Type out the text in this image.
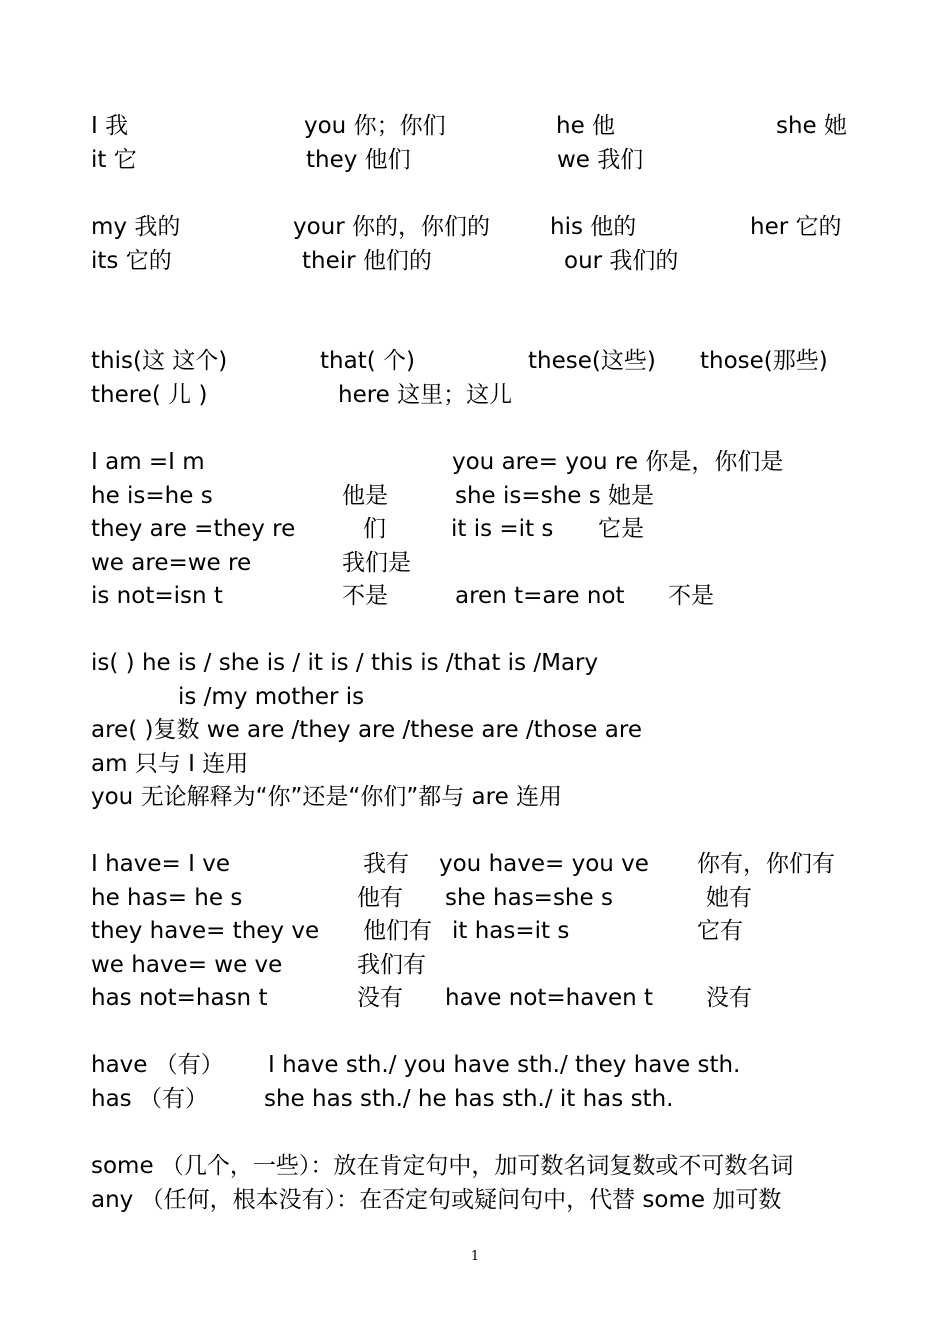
I 我	you 你；你们	he 他	she 她
it 它	they 他们	we 我们
my 我的	your 你的，你们的	his 他的	her 它的
its 它的	their 他们的	our 我们的
this(这 这个)	that( 个)	these(这些) those(那些)
there( 儿 )	here 这里；这儿
I am =I m	you are= you re 你是，你们是
he is=he s	他是	she is=she s 她是
they are =they re	们	it is =it s 它是
we are=we re	我们是
is not=isn t	不是	aren t=are not 不是
is( ) he is / she is / it is / this is /that is /Mary
is /my mother is
are( )复数 we are /they are /these are /those are
am 只与 I 连用
you 无论解释为“你”还是“你们”都与 are 连用
I have= I ve	我有 you have= you ve 你有，你们有
he has= he s	他有 she has=she s	她有
they have= they ve 他们有 it has=it s	它有
we have= we ve	我们有
has not=hasn t	没有 have not=haven t 没有
have （有） I have sth./ you have sth./ they have sth.
has （有） she has sth./ he has sth./ it has sth.
some （几个，一些）：放在肯定句中，加可数名词复数或不可数名词
any （任何，根本没有）：在否定句或疑问句中，代替 some 加可数
1
